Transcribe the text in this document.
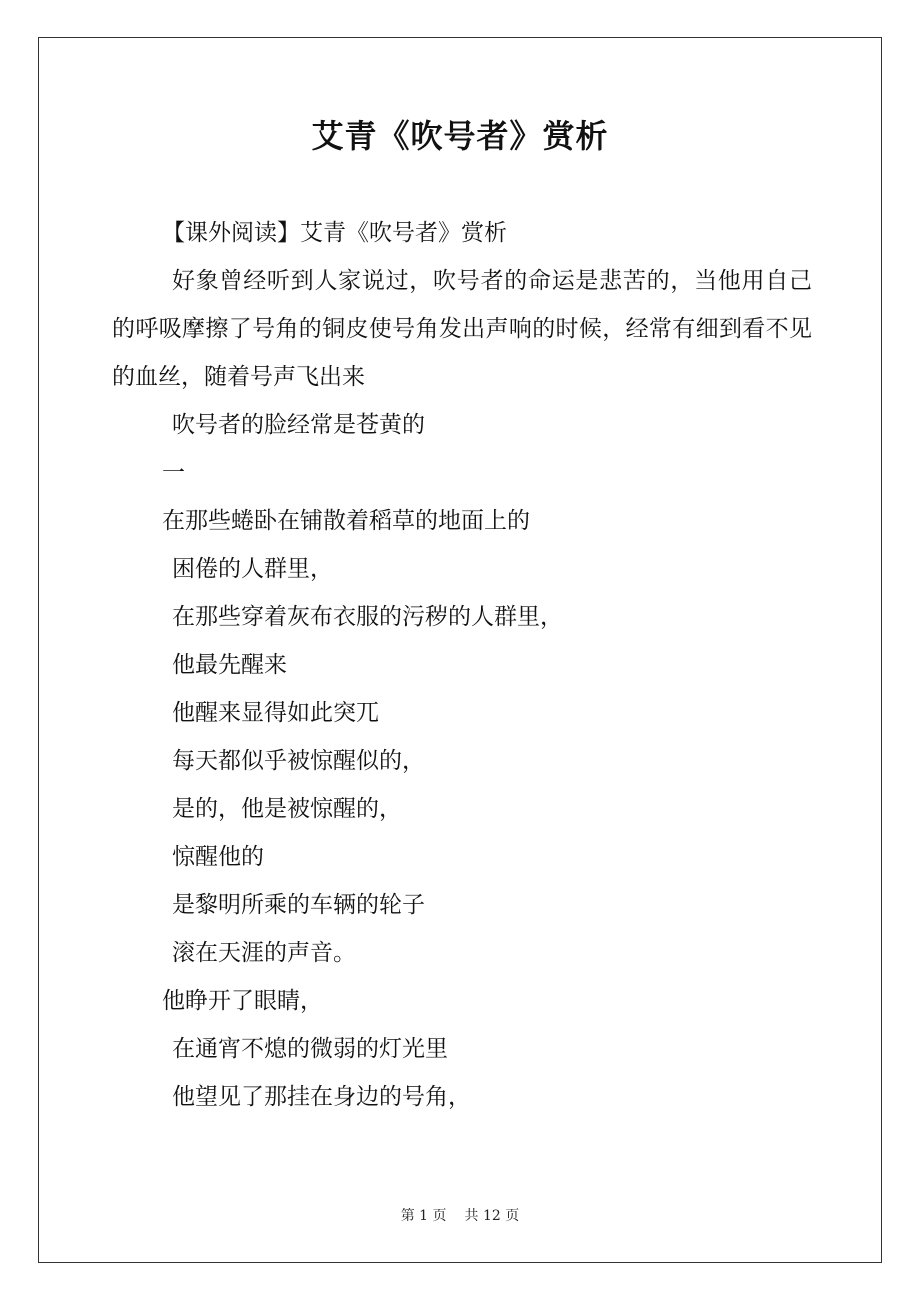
艾青《吹号者》赏析

【课外阅读】艾青《吹号者》赏析

好象曾经听到人家说过，吹号者的命运是悲苦的，当他用自己的呼吸摩擦了号角的铜皮使号角发出声响的时候，经常有细到看不见的血丝，随着号声飞出来

吹号者的脸经常是苍黄的

一

在那些蜷卧在铺散着稻草的地面上的

困倦的人群里，

在那些穿着灰布衣服的污秽的人群里，

他最先醒来

他醒来显得如此突兀

每天都似乎被惊醒似的，

是的，他是被惊醒的，

惊醒他的

是黎明所乘的车辆的轮子

滚在天涯的声音。

他睁开了眼睛，

在通宵不熄的微弱的灯光里

他望见了那挂在身边的号角，

第 1 页 共 12 页
